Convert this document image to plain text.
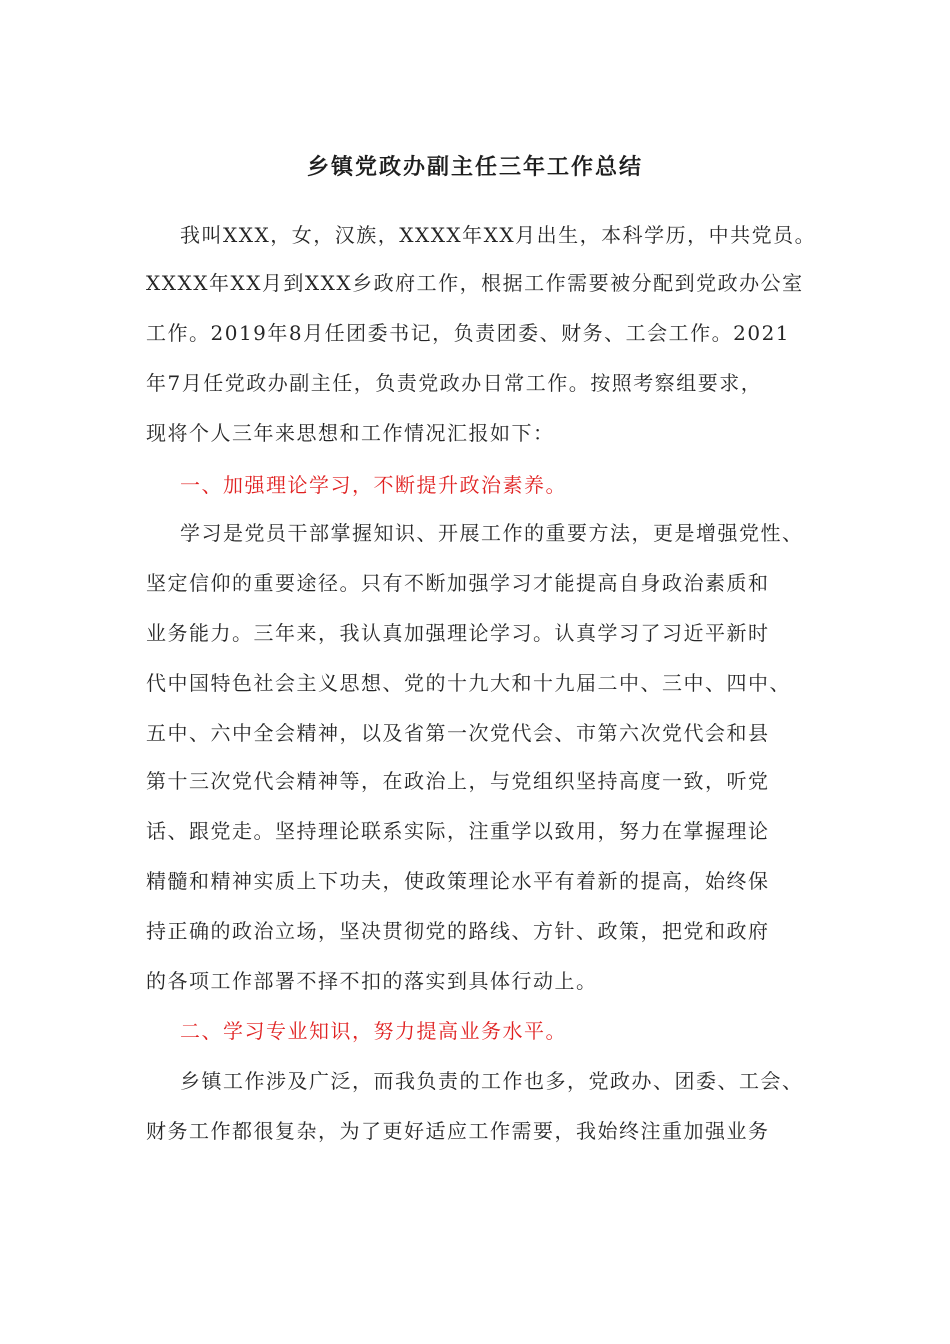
乡镇党政办副主任三年工作总结
我叫XXX，女，汉族，XXXX年XX月出生，本科学历，中共党员。
XXXX年XX月到XXX乡政府工作，根据工作需要被分配到党政办公室
工作。2019年8月任团委书记，负责团委、财务、工会工作。2021
年7月任党政办副主任，负责党政办日常工作。按照考察组要求，
现将个人三年来思想和工作情况汇报如下：
一、加强理论学习，不断提升政治素养。
学习是党员干部掌握知识、开展工作的重要方法，更是增强党性、
坚定信仰的重要途径。只有不断加强学习才能提高自身政治素质和
业务能力。三年来，我认真加强理论学习。认真学习了习近平新时
代中国特色社会主义思想、党的十九大和十九届二中、三中、四中、
五中、六中全会精神，以及省第一次党代会、市第六次党代会和县
第十三次党代会精神等，在政治上，与党组织坚持高度一致，听党
话、跟党走。坚持理论联系实际，注重学以致用，努力在掌握理论
精髓和精神实质上下功夫，使政策理论水平有着新的提高，始终保
持正确的政治立场，坚决贯彻党的路线、方针、政策，把党和政府
的各项工作部署不择不扣的落实到具体行动上。
二、学习专业知识，努力提高业务水平。
乡镇工作涉及广泛，而我负责的工作也多，党政办、团委、工会、
财务工作都很复杂，为了更好适应工作需要，我始终注重加强业务
